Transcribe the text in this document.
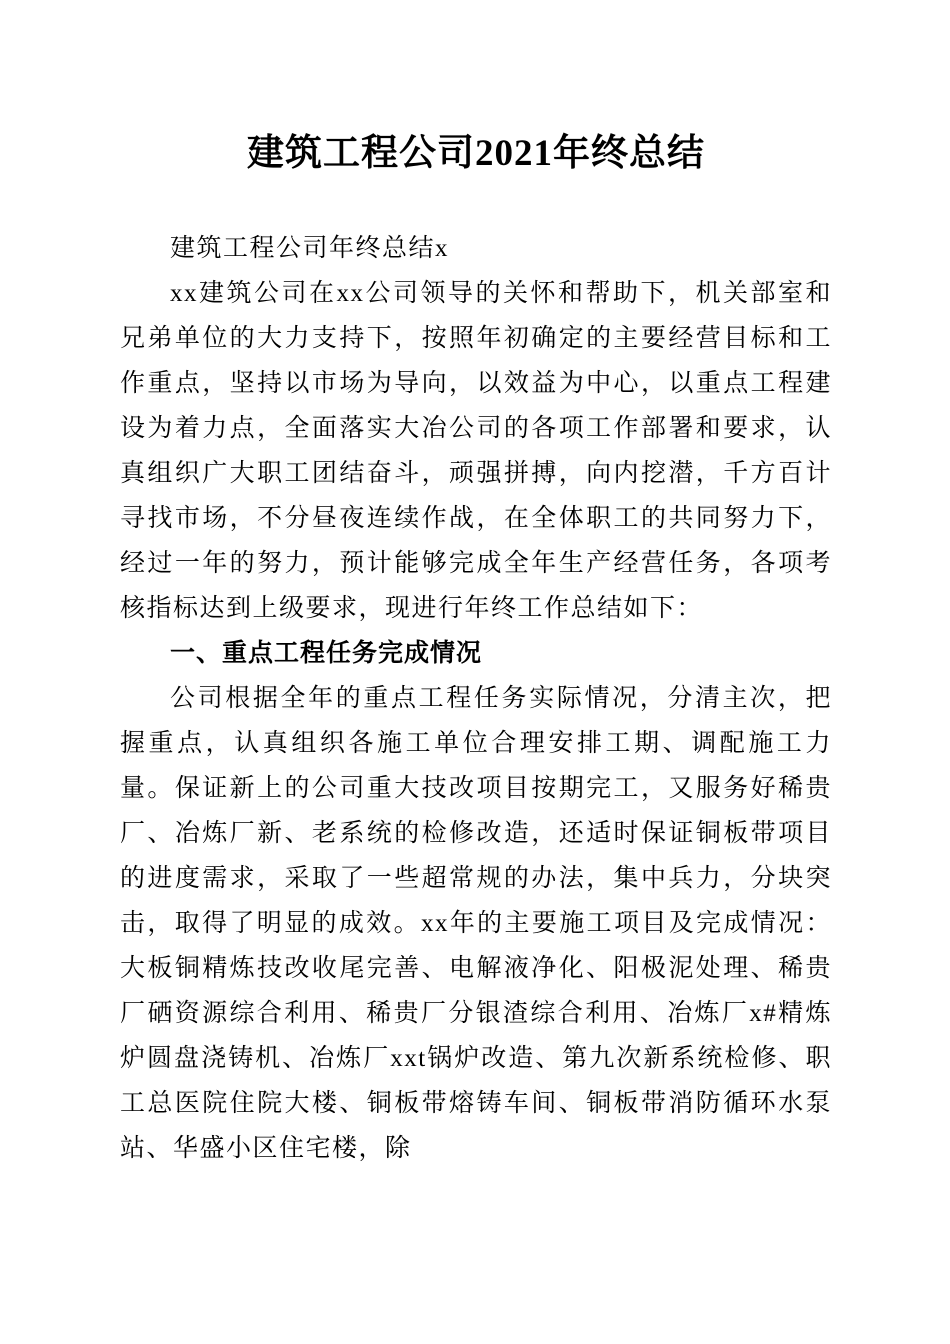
建筑工程公司2021年终总结

建筑工程公司年终总结x

xx建筑公司在xx公司领导的关怀和帮助下，机关部室和兄弟单位的大力支持下，按照年初确定的主要经营目标和工作重点，坚持以市场为导向，以效益为中心，以重点工程建设为着力点，全面落实大冶公司的各项工作部署和要求，认真组织广大职工团结奋斗，顽强拼搏，向内挖潜，千方百计寻找市场，不分昼夜连续作战，在全体职工的共同努力下，经过一年的努力，预计能够完成全年生产经营任务，各项考核指标达到上级要求，现进行年终工作总结如下：

一、重点工程任务完成情况

公司根据全年的重点工程任务实际情况，分清主次，把握重点，认真组织各施工单位合理安排工期、调配施工力量。保证新上的公司重大技改项目按期完工，又服务好稀贵厂、冶炼厂新、老系统的检修改造，还适时保证铜板带项目的进度需求，采取了一些超常规的办法，集中兵力，分块突击，取得了明显的成效。xx年的主要施工项目及完成情况：大板铜精炼技改收尾完善、电解液净化、阳极泥处理、稀贵厂硒资源综合利用、稀贵厂分银渣综合利用、冶炼厂x#精炼炉圆盘浇铸机、冶炼厂xxt锅炉改造、第九次新系统检修、职工总医院住院大楼、铜板带熔铸车间、铜板带消防循环水泵站、华盛小区住宅楼，除
